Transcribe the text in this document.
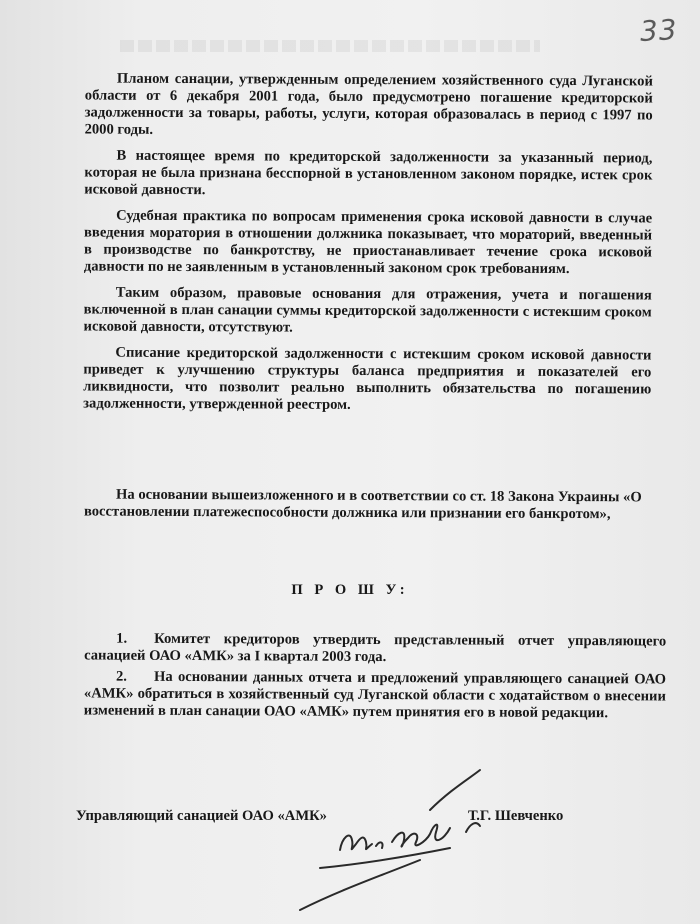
33

Планом санации, утвержденным определением хозяйственного суда Луганской области от 6 декабря 2001 года, было предусмотрено погашение кредиторской задолженности за товары, работы, услуги, которая образовалась в период с 1997 по 2000 годы.

В настоящее время по кредиторской задолженности за указанный период, которая не была признана бесспорной в установленном законом порядке, истек срок исковой давности.

Судебная практика по вопросам применения срока исковой давности в случае введения моратория в отношении должника показывает, что мораторий, введенный в производстве по банкротству, не приостанавливает течение срока исковой давности по не заявленным в установленный законом срок требованиям.

Таким образом, правовые основания для отражения, учета и погашения включенной в план санации суммы кредиторской задолженности с истекшим сроком исковой давности, отсутствуют.

Списание кредиторской задолженности с истекшим сроком исковой давности приведет к улучшению структуры баланса предприятия и показателей его ликвидности, что позволит реально выполнить обязательства по погашению задолженности, утвержденной реестром.

На основании вышеизложенного и в соответствии со ст. 18 Закона Украины «О восстановлении платежеспособности должника или признании его банкротом»,

П Р О Ш У:

1. Комитет кредиторов утвердить представленный отчет управляющего санацией ОАО «АМК» за I квартал 2003 года.

2. На основании данных отчета и предложений управляющего санацией ОАО «АМК» обратиться в хозяйственный суд Луганской области с ходатайством о внесении изменений в план санации ОАО «АМК» путем принятия его в новой редакции.

Управляющий санацией ОАО «АМК»	Т.Г. Шевченко
